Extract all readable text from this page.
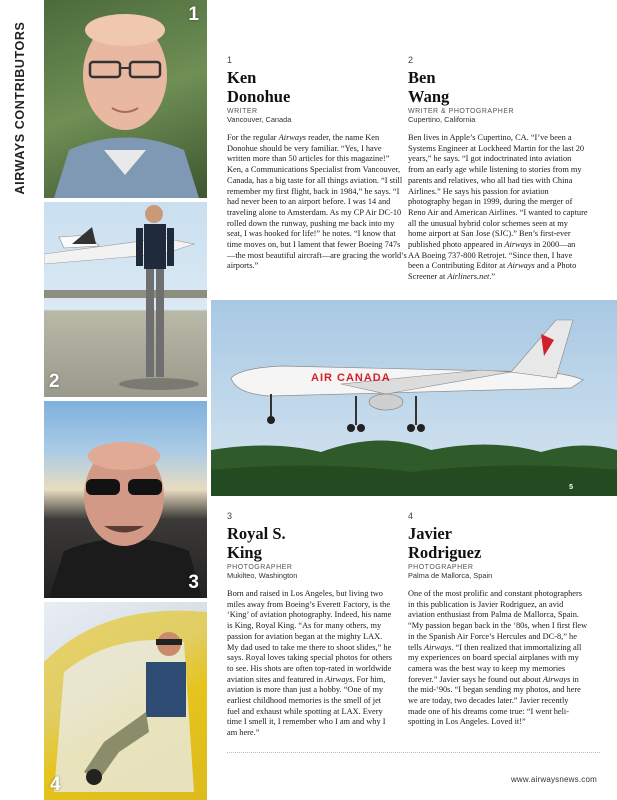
AIRWAYS CONTRIBUTORS
1
2
3
4
1
Ken
Donohue
WRITER
Vancouver, Canada
For the regular Airways reader, the name Ken Donohue should be very familiar. “Yes, I have written more than 50 articles for this magazine!” Ken, a Communications Specialist from Vancouver, Canada, has a big taste for all things aviation. “I still remember my first flight, back in 1984,” he says. “I had never been to an airport before. I was 14 and traveling alone to Amsterdam. As my CP Air DC-10 rolled down the runway, pushing me back into my seat, I was hooked for life!” he notes. “I know that time moves on, but I lament that fewer Boeing 747s—the most beautiful aircraft—are gracing the world’s airports.”
2
Ben
Wang
WRITER & PHOTOGRAPHER
Cupertino, California
Ben lives in Apple’s Cupertino, CA. “I’ve been a Systems Engineer at Lockheed Martin for the last 20 years,” he says. “I got indoctrinated into aviation from an early age while listening to stories from my parents and relatives, who all had ties with China Airlines.” He says his passion for aviation photography began in 1999, during the merger of Reno Air and American Airlines. “I wanted to capture all the unusual hybrid color schemes seen at my home airport at San Jose (SJC).” Ben’s first-ever published photo appeared in Airways in 2000—an AA Boeing 737-800 Retrojet. “Since then, I have been a Contributing Editor at Airways and a Photo Screener at Airliners.net.”
AIR CANADA
5
3
Royal S.
King
PHOTOGRAPHER
Mukilteo, Washington
Born and raised in Los Angeles, but living two miles away from Boeing’s Everett Factory, is the ‘King’ of aviation photography. Indeed, his name is King, Royal King. “As for many others, my passion for aviation began at the mighty LAX. My dad used to take me there to shoot slides,” he says. Royal loves taking special photos for others to see. His shots are often top-rated in worldwide aviation sites and featured in Airways. For him, aviation is more than just a hobby. “One of my earliest childhood memories is the smell of jet fuel and exhaust while spotting at LAX. Every time I smell it, I remember who I am and why I am here.”
4
Javier
Rodriguez
PHOTOGRAPHER
Palma de Mallorca, Spain
One of the most prolific and constant photographers in this publication is Javier Rodriguez, an avid aviation enthusiast from Palma de Mallorca, Spain. “My passion began back in the ‘80s, when I first flew in the Spanish Air Force’s Hercules and DC-8,” he tells Airways. “I then realized that immortalizing all my experiences on board special airplanes with my camera was the best way to keep my memories forever.” Javier says he found out about Airways in the mid-‘90s. “I began sending my photos, and here we are today, two decades later.” Javier recently made one of his dreams come true: “I went heli-spotting in Los Angeles. Loved it!”
www.airwaysnews.com
